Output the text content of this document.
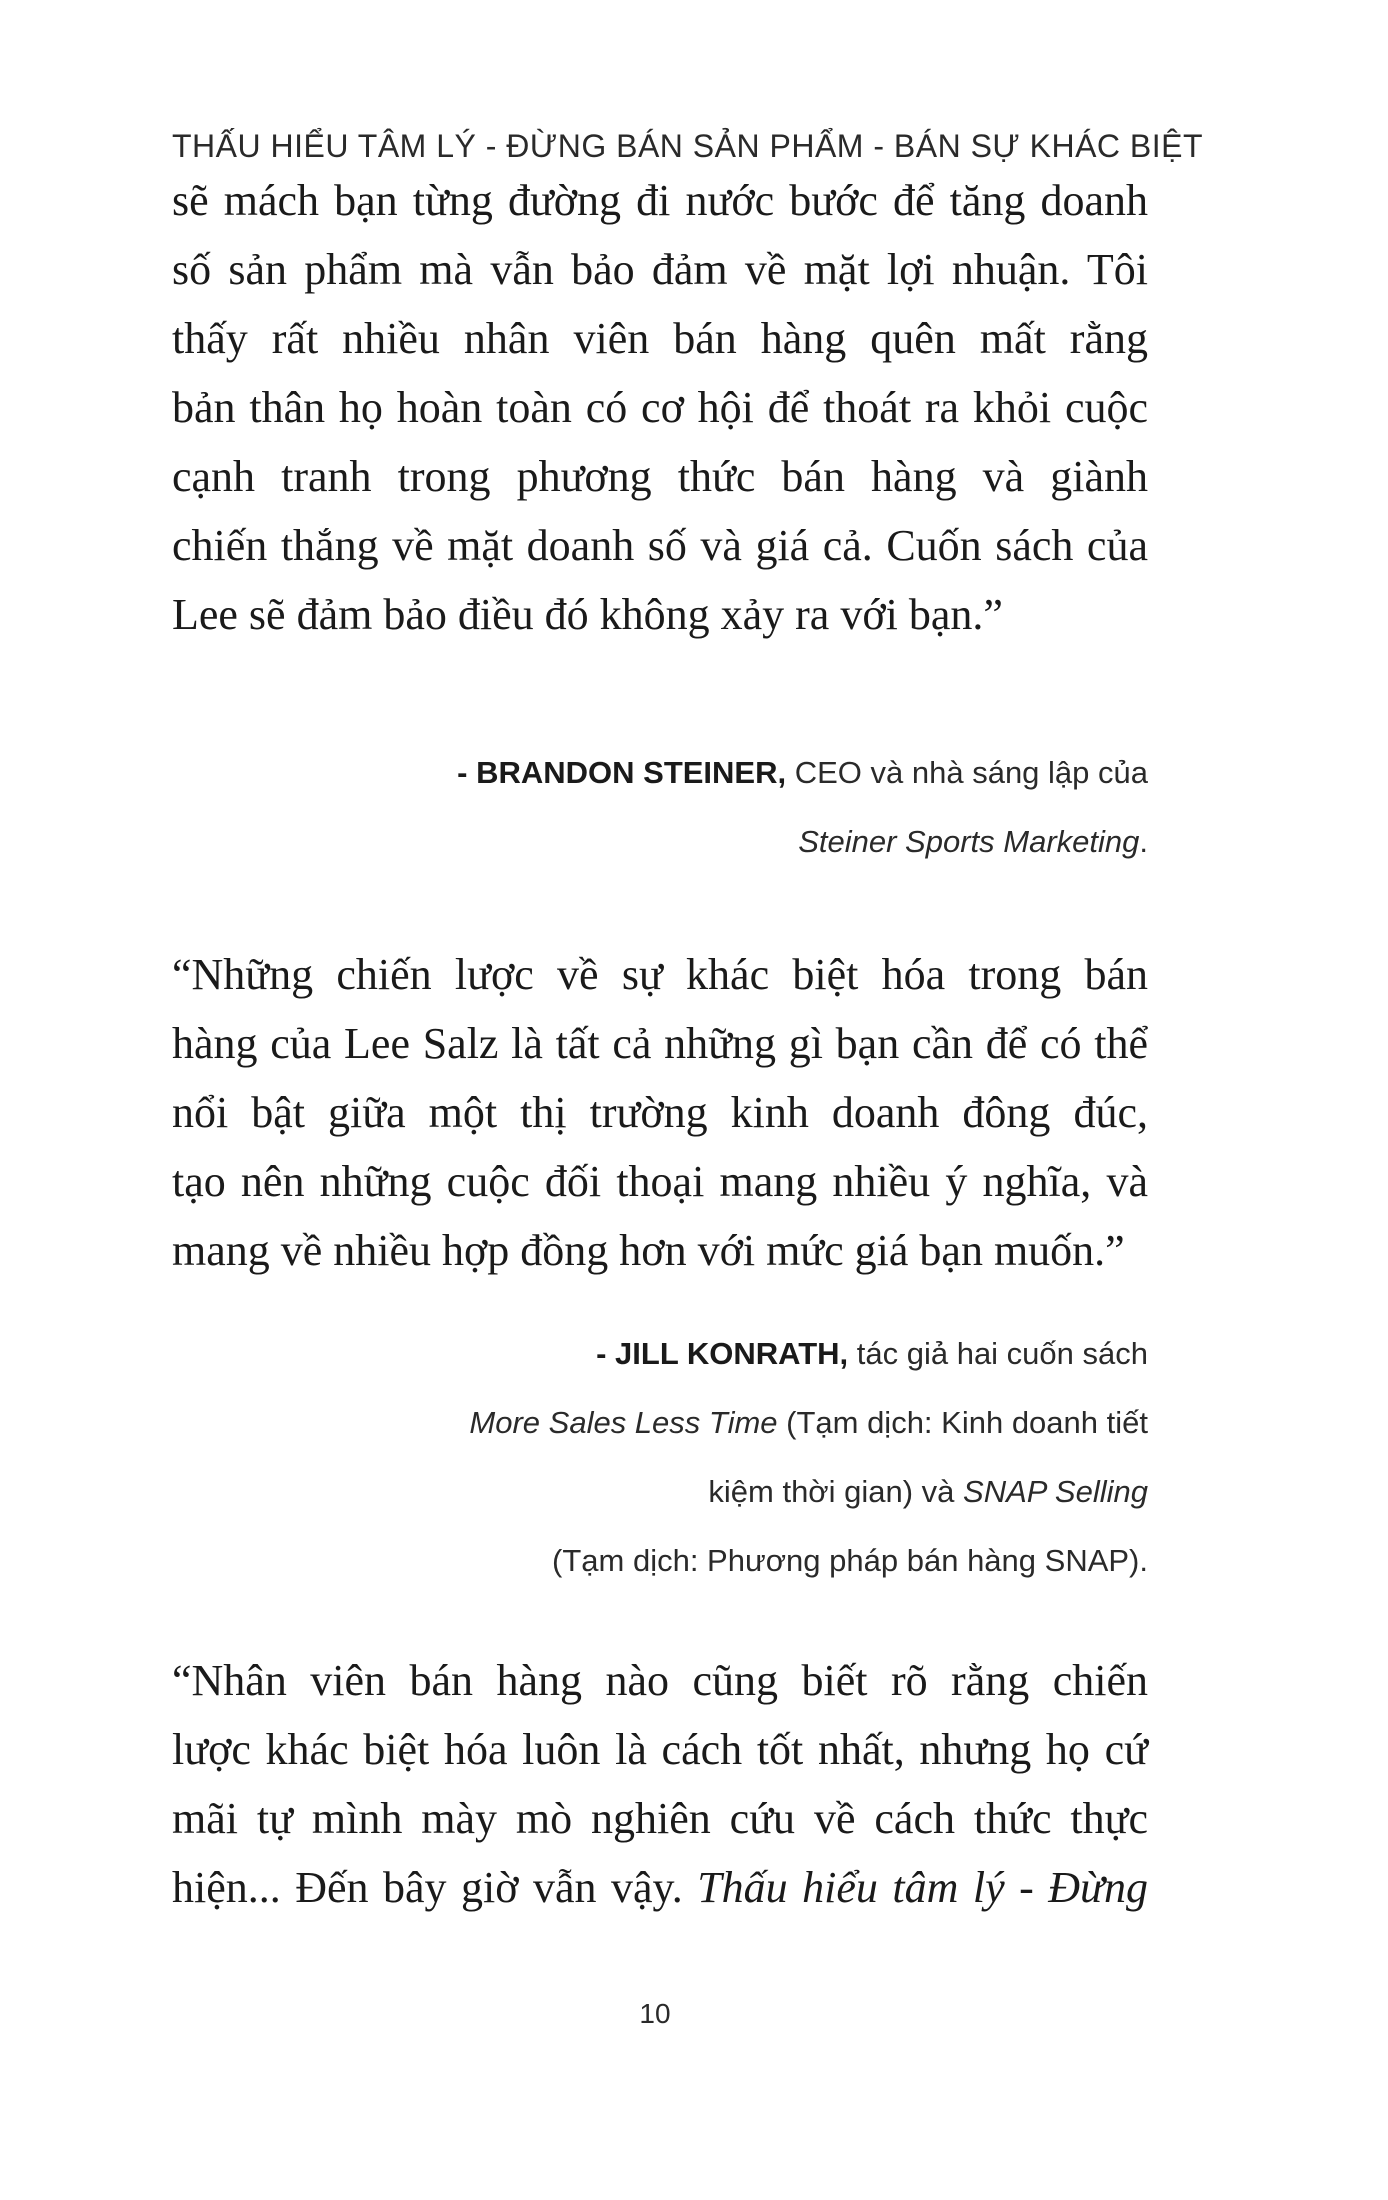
THẤU HIỂU TÂM LÝ - ĐỪNG BÁN SẢN PHẨM - BÁN SỰ KHÁC BIỆT
sẽ mách bạn từng đường đi nước bước để tăng doanh
số sản phẩm mà vẫn bảo đảm về mặt lợi nhuận. Tôi
thấy rất nhiều nhân viên bán hàng quên mất rằng
bản thân họ hoàn toàn có cơ hội để thoát ra khỏi cuộc
cạnh tranh trong phương thức bán hàng và giành
chiến thắng về mặt doanh số và giá cả. Cuốn sách của
Lee sẽ đảm bảo điều đó không xảy ra với bạn.”
- BRANDON STEINER, CEO và nhà sáng lập của
Steiner Sports Marketing.
“Những chiến lược về sự khác biệt hóa trong bán
hàng của Lee Salz là tất cả những gì bạn cần để có thể
nổi bật giữa một thị trường kinh doanh đông đúc,
tạo nên những cuộc đối thoại mang nhiều ý nghĩa, và
mang về nhiều hợp đồng hơn với mức giá bạn muốn.”
- JILL KONRATH, tác giả hai cuốn sách
More Sales Less Time (Tạm dịch: Kinh doanh tiết
kiệm thời gian) và SNAP Selling
(Tạm dịch: Phương pháp bán hàng SNAP).
“Nhân viên bán hàng nào cũng biết rõ rằng chiến
lược khác biệt hóa luôn là cách tốt nhất, nhưng họ cứ
mãi tự mình mày mò nghiên cứu về cách thức thực
hiện... Đến bây giờ vẫn vậy. Thấu hiểu tâm lý - Đừng
10
